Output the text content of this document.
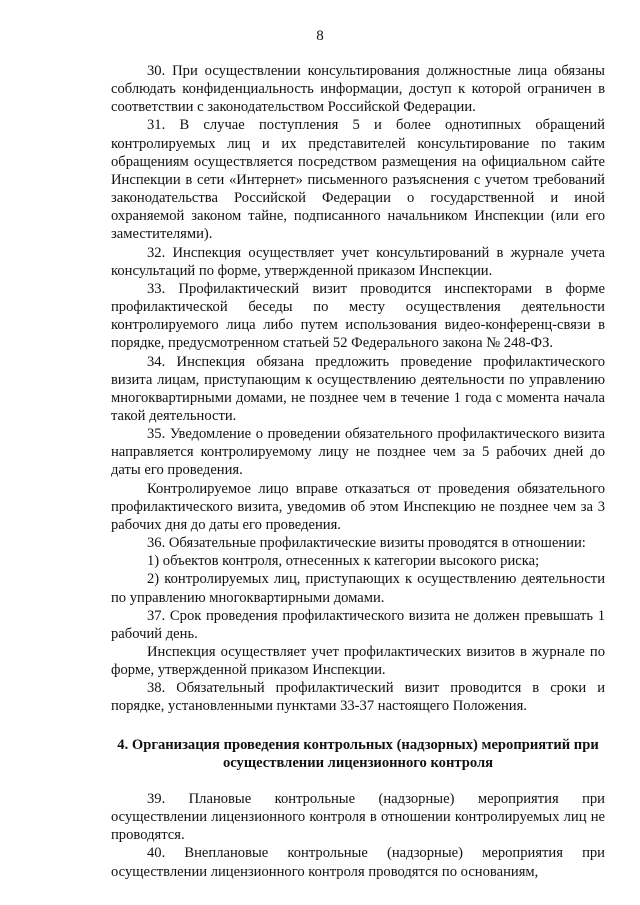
8

30. При осуществлении консультирования должностные лица обязаны соблюдать конфиденциальность информации, доступ к которой ограничен в соответствии с законодательством Российской Федерации.

31. В случае поступления 5 и более однотипных обращений контролируемых лиц и их представителей консультирование по таким обращениям осуществляется посредством размещения на официальном сайте Инспекции в сети «Интернет» письменного разъяснения с учетом требований законодательства Российской Федерации о государственной и иной охраняемой законом тайне, подписанного начальником Инспекции (или его заместителями).

32. Инспекция осуществляет учет консультирований в журнале учета консультаций по форме, утвержденной приказом Инспекции.

33. Профилактический визит проводится инспекторами в форме профилактической беседы по месту осуществления деятельности контролируемого лица либо путем использования видео-конференц-связи в порядке, предусмотренном статьей 52 Федерального закона № 248-ФЗ.

34. Инспекция обязана предложить проведение профилактического визита лицам, приступающим к осуществлению деятельности по управлению многоквартирными домами, не позднее чем в течение 1 года с момента начала такой деятельности.

35. Уведомление о проведении обязательного профилактического визита направляется контролируемому лицу не позднее чем за 5 рабочих дней до даты его проведения.

Контролируемое лицо вправе отказаться от проведения обязательного профилактического визита, уведомив об этом Инспекцию не позднее чем за 3 рабочих дня до даты его проведения.

36. Обязательные профилактические визиты проводятся в отношении:

1) объектов контроля, отнесенных к категории высокого риска;

2) контролируемых лиц, приступающих к осуществлению деятельности по управлению многоквартирными домами.

37. Срок проведения профилактического визита не должен превышать 1 рабочий день.

Инспекция осуществляет учет профилактических визитов в журнале по форме, утвержденной приказом Инспекции.

38. Обязательный профилактический визит проводится в сроки и порядке, установленными пунктами 33-37 настоящего Положения.

4. Организация проведения контрольных (надзорных) мероприятий при
осуществлении лицензионного контроля

39. Плановые контрольные (надзорные) мероприятия при осуществлении лицензионного контроля в отношении контролируемых лиц не проводятся.

40. Внеплановые контрольные (надзорные) мероприятия при осуществлении лицензионного контроля проводятся по основаниям,
